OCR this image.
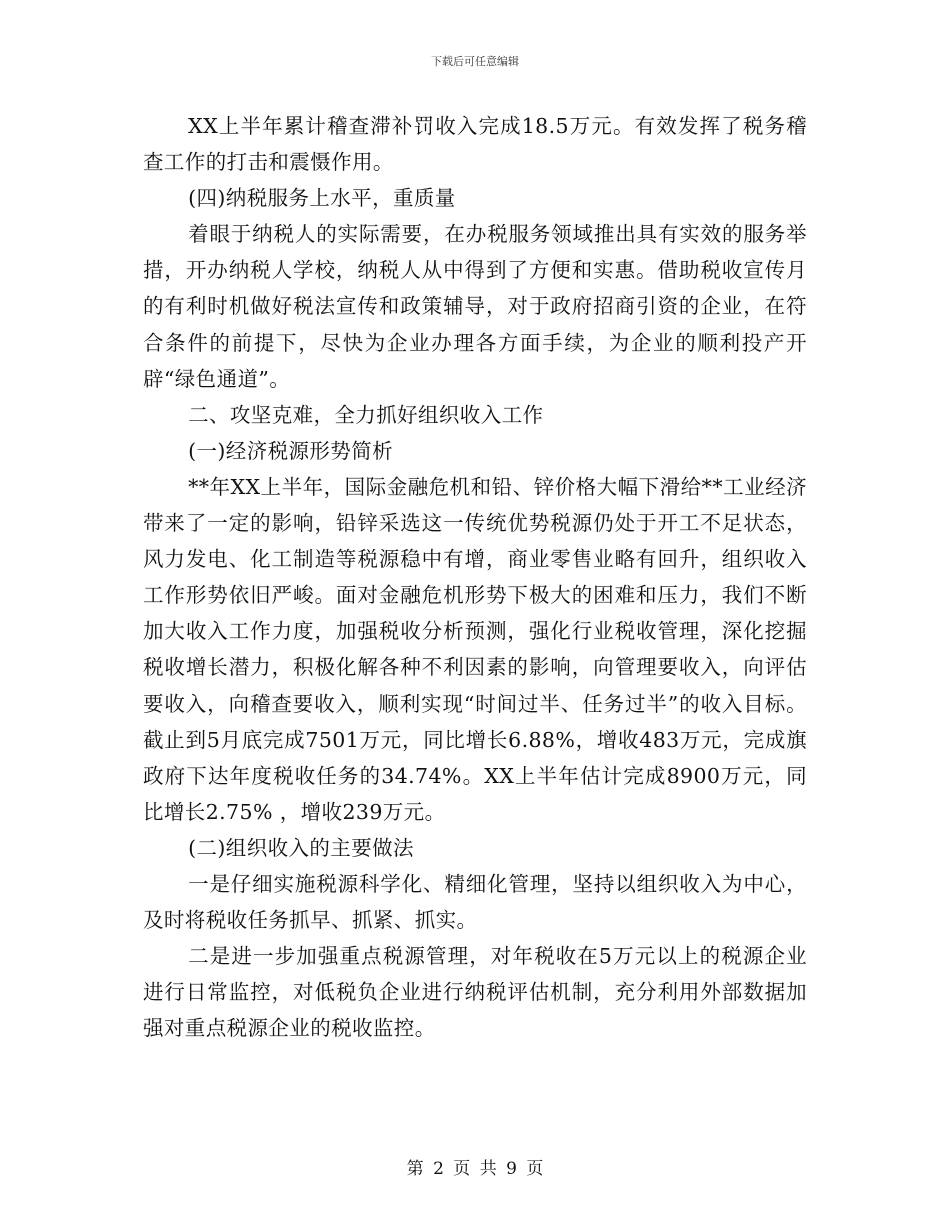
下载后可任意编辑

XX上半年累计稽查滞补罚收入完成18.5万元。有效发挥了税务稽查工作的打击和震慑作用。

(四)纳税服务上水平，重质量

着眼于纳税人的实际需要，在办税服务领域推出具有实效的服务举措，开办纳税人学校，纳税人从中得到了方便和实惠。借助税收宣传月的有利时机做好税法宣传和政策辅导，对于政府招商引资的企业，在符合条件的前提下，尽快为企业办理各方面手续，为企业的顺利投产开辟“绿色通道”。

二、攻坚克难，全力抓好组织收入工作

(一)经济税源形势简析

**年XX上半年，国际金融危机和铅、锌价格大幅下滑给**工业经济带来了一定的影响，铅锌采选这一传统优势税源仍处于开工不足状态，风力发电、化工制造等税源稳中有增，商业零售业略有回升，组织收入工作形势依旧严峻。面对金融危机形势下极大的困难和压力，我们不断加大收入工作力度，加强税收分析预测，强化行业税收管理，深化挖掘税收增长潜力，积极化解各种不利因素的影响，向管理要收入，向评估要收入，向稽查要收入，顺利实现“时间过半、任务过半”的收入目标。截止到5月底完成7501万元，同比增长6.88%，增收483万元，完成旗政府下达年度税收任务的34.74%。XX上半年估计完成8900万元，同比增长2.75% ，增收239万元。

(二)组织收入的主要做法

一是仔细实施税源科学化、精细化管理，坚持以组织收入为中心，及时将税收任务抓早、抓紧、抓实。

二是进一步加强重点税源管理，对年税收在5万元以上的税源企业进行日常监控，对低税负企业进行纳税评估机制，充分利用外部数据加强对重点税源企业的税收监控。

第 2 页 共 9 页
